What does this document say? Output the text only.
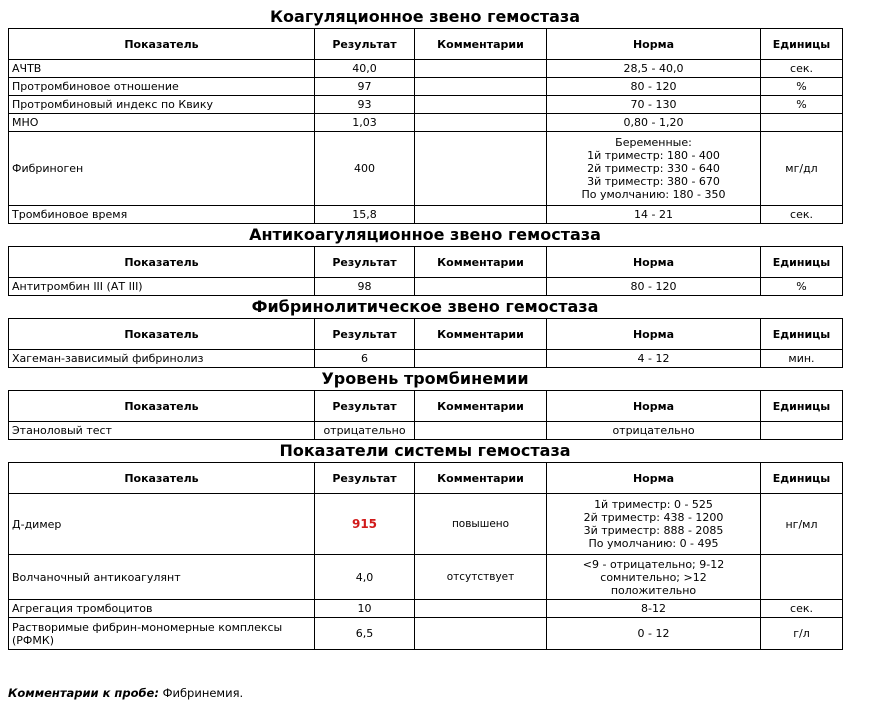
Коагуляционное звено гемостаза
Показатель	Результат	Комментарии	Норма	Единицы
АЧТВ	40,0		28,5 - 40,0	сек.
Протромбиновое отношение	97		80 - 120	%
Протромбиновый индекс по Квику	93		70 - 130	%
МНО	1,03		0,80 - 1,20	
Фибриноген	400		Беременные:
1й триместр: 180 - 400
2й триместр: 330 - 640
3й триместр: 380 - 670
По умолчанию: 180 - 350	мг/дл
Тромбиновое время	15,8		14 - 21	сек.
Антикоагуляционное звено гемостаза
Показатель	Результат	Комментарии	Норма	Единицы
Антитромбин III (АТ III)	98		80 - 120	%
Фибринолитическое звено гемостаза
Показатель	Результат	Комментарии	Норма	Единицы
Хагеман-зависимый фибринолиз	6		4 - 12	мин.
Уровень тромбинемии
Показатель	Результат	Комментарии	Норма	Единицы
Этаноловый тест	отрицательно		отрицательно	
Показатели системы гемостаза
Показатель	Результат	Комментарии	Норма	Единицы
Д-димер	915	повышено	1й триместр: 0 - 525
2й триместр: 438 - 1200
3й триместр: 888 - 2085
По умолчанию: 0 - 495	нг/мл
Волчаночный антикоагулянт	4,0	отсутствует	<9 - отрицательно; 9-12
сомнительно; >12
положительно	

Агрегация тромбоцитов	10		8-12	сек.
Растворимые фибрин-мономерные комплексы (РФМК)	6,5		0 - 12	г/л
Комментарии к пробе: Фибринемия.
